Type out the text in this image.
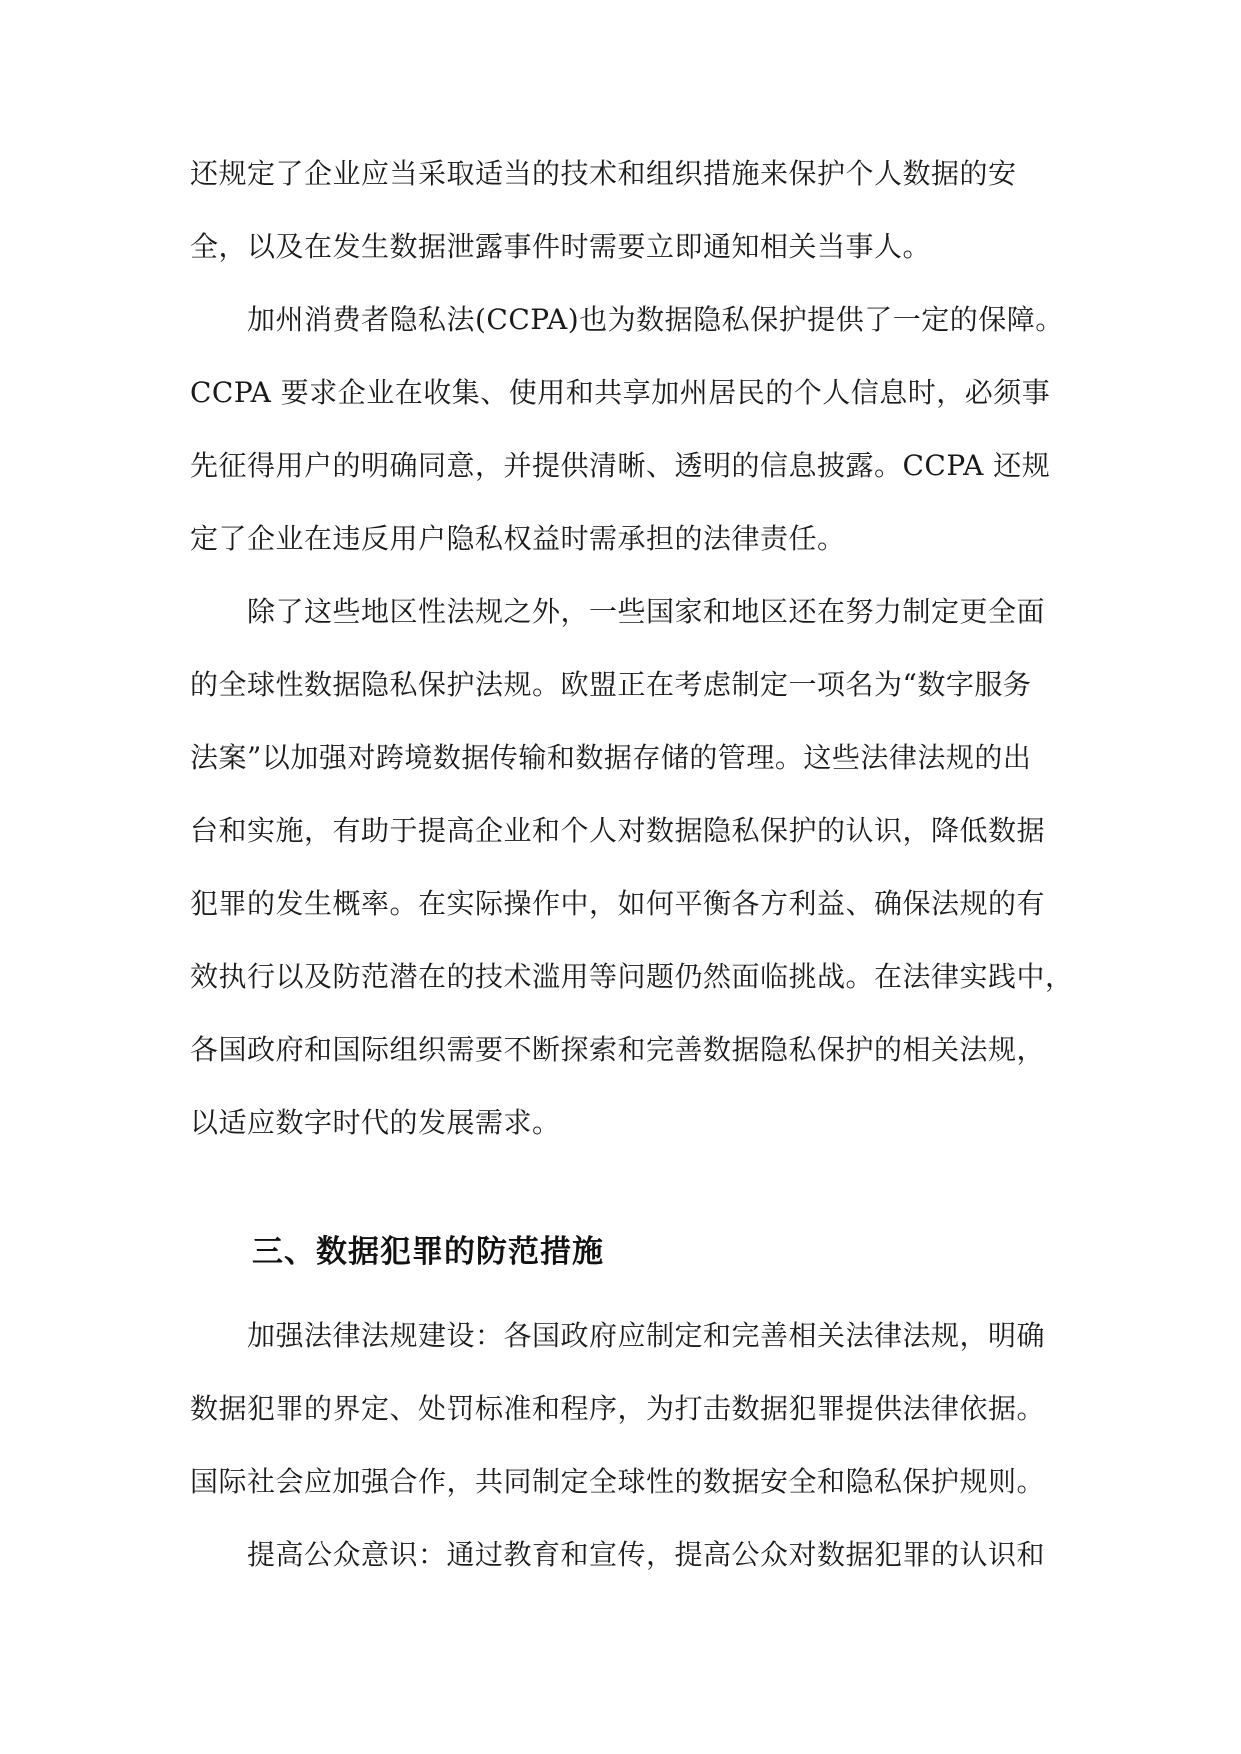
还规定了企业应当采取适当的技术和组织措施来保护个人数据的安
全，以及在发生数据泄露事件时需要立即通知相关当事人。
　　加州消费者隐私法(CCPA)也为数据隐私保护提供了一定的保障。
CCPA 要求企业在收集、使用和共享加州居民的个人信息时，必须事
先征得用户的明确同意，并提供清晰、透明的信息披露。CCPA 还规
定了企业在违反用户隐私权益时需承担的法律责任。
　　除了这些地区性法规之外，一些国家和地区还在努力制定更全面
的全球性数据隐私保护法规。欧盟正在考虑制定一项名为“数字服务
法案”以加强对跨境数据传输和数据存储的管理。这些法律法规的出
台和实施，有助于提高企业和个人对数据隐私保护的认识，降低数据
犯罪的发生概率。在实际操作中，如何平衡各方利益、确保法规的有
效执行以及防范潜在的技术滥用等问题仍然面临挑战。在法律实践中，
各国政府和国际组织需要不断探索和完善数据隐私保护的相关法规，
以适应数字时代的发展需求。
三、数据犯罪的防范措施
　　加强法律法规建设：各国政府应制定和完善相关法律法规，明确
数据犯罪的界定、处罚标准和程序，为打击数据犯罪提供法律依据。
国际社会应加强合作，共同制定全球性的数据安全和隐私保护规则。
　　提高公众意识：通过教育和宣传，提高公众对数据犯罪的认识和
